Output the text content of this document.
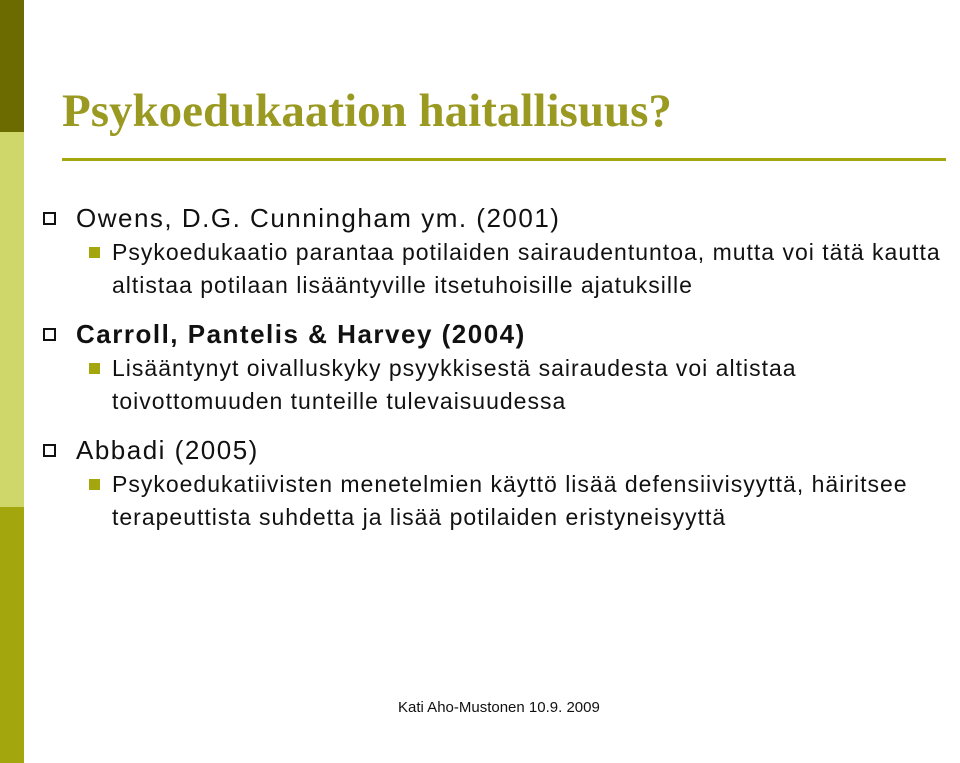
Psykoedukaation haitallisuus?
Owens, D.G. Cunningham ym. (2001)
Psykoedukaatio parantaa potilaiden sairaudentuntoa, mutta voi tätä kautta altistaa potilaan lisääntyville itsetuhoisille ajatuksille
Carroll, Pantelis & Harvey (2004)
Lisääntynyt oivalluskyky psyykkisestä sairaudesta voi altistaa toivottomuuden tunteille tulevaisuudessa
Abbadi (2005)
Psykoedukatiivisten menetelmien käyttö lisää defensiivisyyttä, häiritsee terapeuttista suhdetta ja lisää potilaiden eristyneisyyttä
Kati Aho-Mustonen 10.9. 2009
